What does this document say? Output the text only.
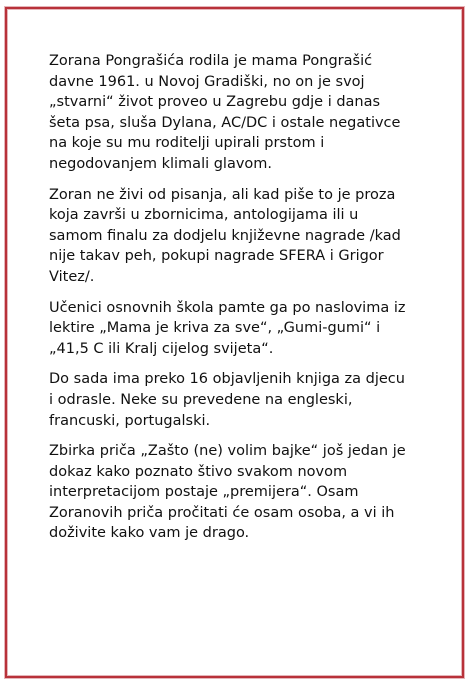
Zorana Pongrašića rodila je mama Pongrašić
davne 1961. u Novoj Gradiški, no on je svoj
„stvarni“ život proveo u Zagrebu gdje i danas
šeta psa, sluša Dylana, AC/DC i ostale negativce
na koje su mu roditelji upirali prstom i
negodovanjem klimali glavom.

Zoran ne živi od pisanja, ali kad piše to je proza
koja završi u zbornicima, antologijama ili u
samom finalu za dodjelu književne nagrade /kad
nije takav peh, pokupi nagrade SFERA i Grigor
Vitez/.

Učenici osnovnih škola pamte ga po naslovima iz
lektire „Mama je kriva za sve“, „Gumi-gumi“ i
„41,5 C ili Kralj cijelog svijeta“.

Do sada ima preko 16 objavljenih knjiga za djecu
i odrasle. Neke su prevedene na engleski,
francuski, portugalski.

Zbirka priča „Zašto (ne) volim bajke“ još jedan je
dokaz kako poznato štivo svakom novom
interpretacijom postaje „premijera“. Osam
Zoranovih priča pročitati će osam osoba, a vi ih
doživite kako vam je drago.
